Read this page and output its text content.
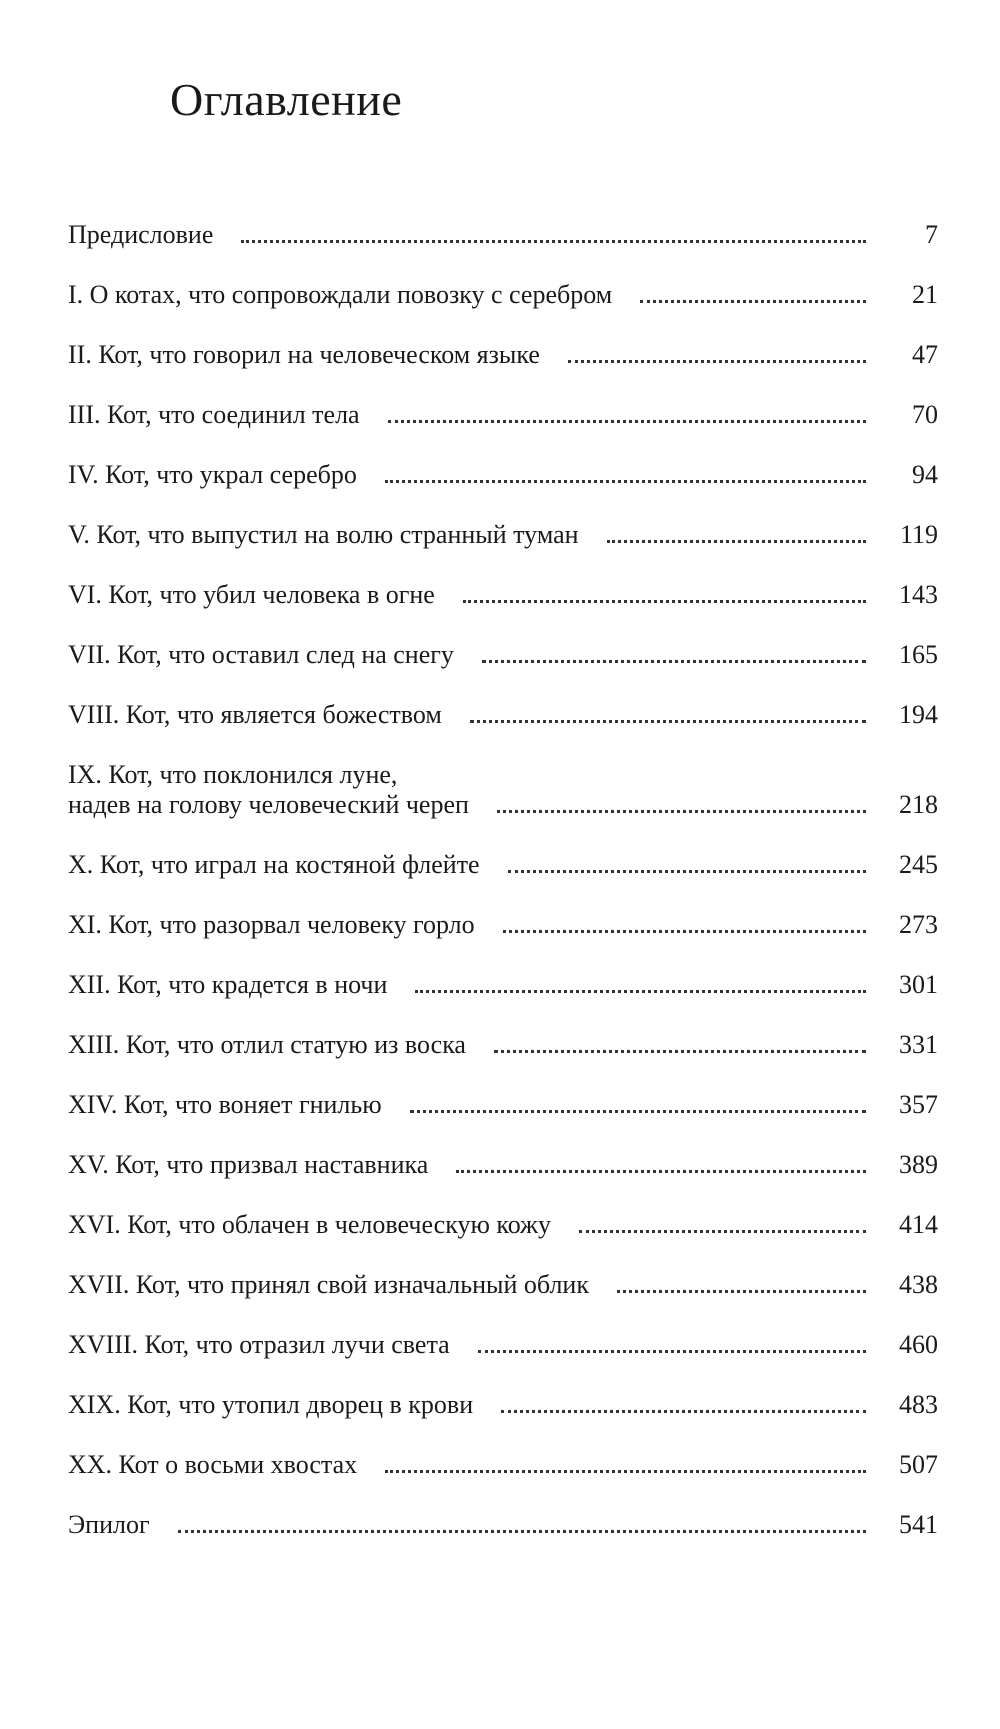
Оглавление
Предисловие	7
I. О котах, что сопровождали повозку с серебром	21
II. Кот, что говорил на человеческом языке	47
III. Кот, что соединил тела	70
IV. Кот, что украл серебро	94
V. Кот, что выпустил на волю странный туман	119
VI. Кот, что убил человека в огне	143
VII. Кот, что оставил след на снегу	165
VIII. Кот, что является божеством	194
IX. Кот, что поклонился луне,
надев на голову человеческий череп	218
X. Кот, что играл на костяной флейте	245
XI. Кот, что разорвал человеку горло	273
XII. Кот, что крадется в ночи	301
XIII. Кот, что отлил статую из воска	331
XIV. Кот, что воняет гнилью	357
XV. Кот, что призвал наставника	389
XVI. Кот, что облачен в человеческую кожу	414
XVII. Кот, что принял свой изначальный облик	438
XVIII. Кот, что отразил лучи света	460
XIX. Кот, что утопил дворец в крови	483
XX. Кот о восьми хвостах	507
Эпилог	541
